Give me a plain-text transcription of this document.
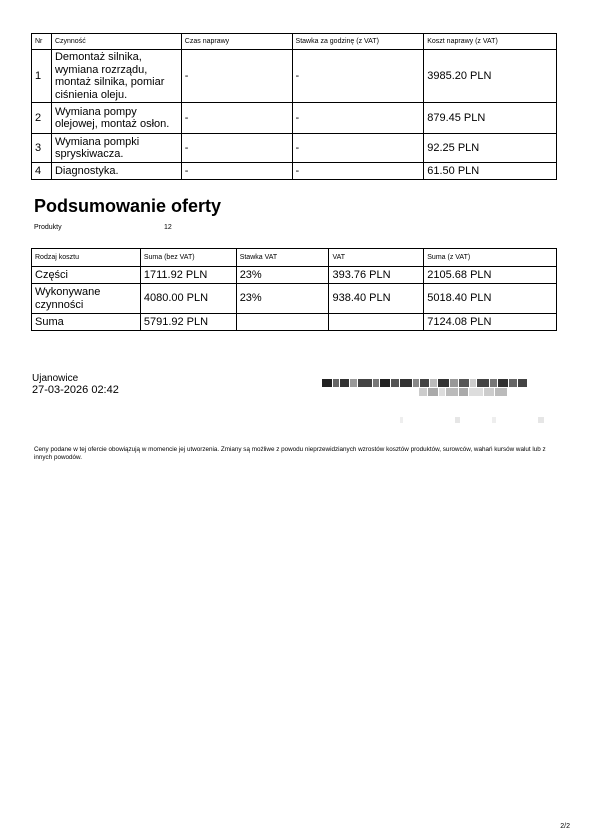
Nr	Czynność	Czas naprawy	Stawka za godzinę (z VAT)	Koszt naprawy (z VAT)
1	Demontaż silnika, wymiana rozrządu, montaż silnika, pomiar ciśnienia oleju.	-	-	3985.20 PLN
2	Wymiana pompy olejowej, montaż osłon.	-	-	879.45 PLN
3	Wymiana pompki spryskiwacza.	-	-	92.25 PLN
4	Diagnostyka.	-	-	61.50 PLN
Podsumowanie oferty
Produkty	12
Rodzaj kosztu	Suma (bez VAT)	Stawka VAT	VAT	Suma (z VAT)
Części	1711.92 PLN	23%	393.76 PLN	2105.68 PLN
Wykonywane czynności	4080.00 PLN	23%	938.40 PLN	5018.40 PLN
Suma	5791.92 PLN			7124.08 PLN
Ujanowice
27-03-2026 02:42
Ceny podane w tej ofercie obowiązują w momencie jej utworzenia. Zmiany są możliwe z powodu nieprzewidzianych wzrostów kosztów produktów, surowców, wahań kursów walut lub z innych powodów.
2/2
